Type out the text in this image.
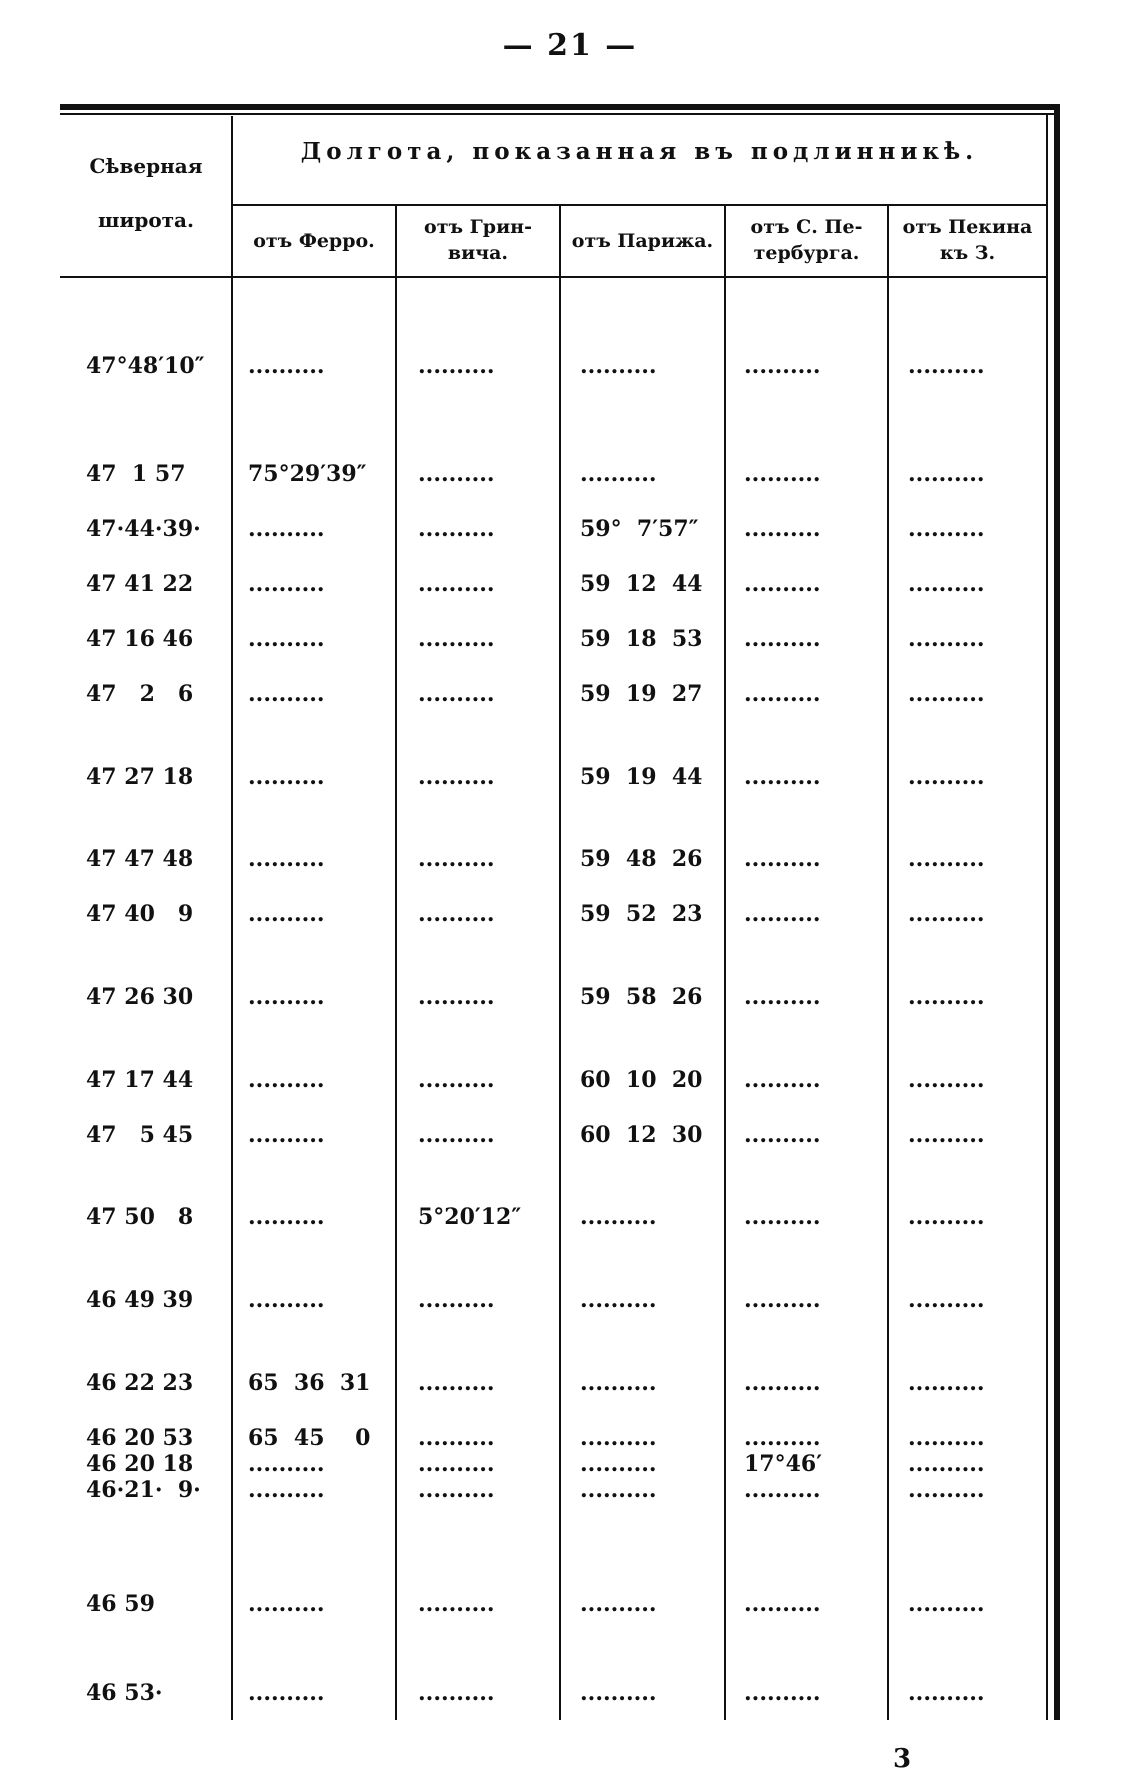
— 21 —
Сѣверная
широта.
Долгота, показанная въ подлинникѣ.
отъ Ферро.
отъ Грин-
вича.
отъ Парижа.
отъ С. Пе-
тербурга.
отъ Пекина
къ З.
47°48′10″	..........	..........	..........	..........	..........
47  1 57	75°29′39″	..........	..........	..........	..........
47·44·39·	..........	..........	59°  7′57″	..........	..........
47 41 22	..........	..........	59  12  44	..........	..........
47 16 46	..........	..........	59  18  53	..........	..........
47   2   6	..........	..........	59  19  27	..........	..........
47 27 18	..........	..........	59  19  44	..........	..........
47 47 48	..........	..........	59  48  26	..........	..........
47 40   9	..........	..........	59  52  23	..........	..........
47 26 30	..........	..........	59  58  26	..........	..........
47 17 44	..........	..........	60  10  20	..........	..........
47   5 45	..........	..........	60  12  30	..........	..........
47 50   8	..........	5°20′12″	..........	..........	..........
46 49 39	..........	..........	..........	..........	..........
46 22 23	65  36  31	..........	..........	..........	..........
46 20 53	65  45    0	..........	..........	..........	..........
46 20 18	..........	..........	..........	17°46′	..........
46·21·  9·	..........	..........	..........	..........	..........
46 59	..........	..........	..........	..........	..........
46 53·	..........	..........	..........	..........	..........
3
